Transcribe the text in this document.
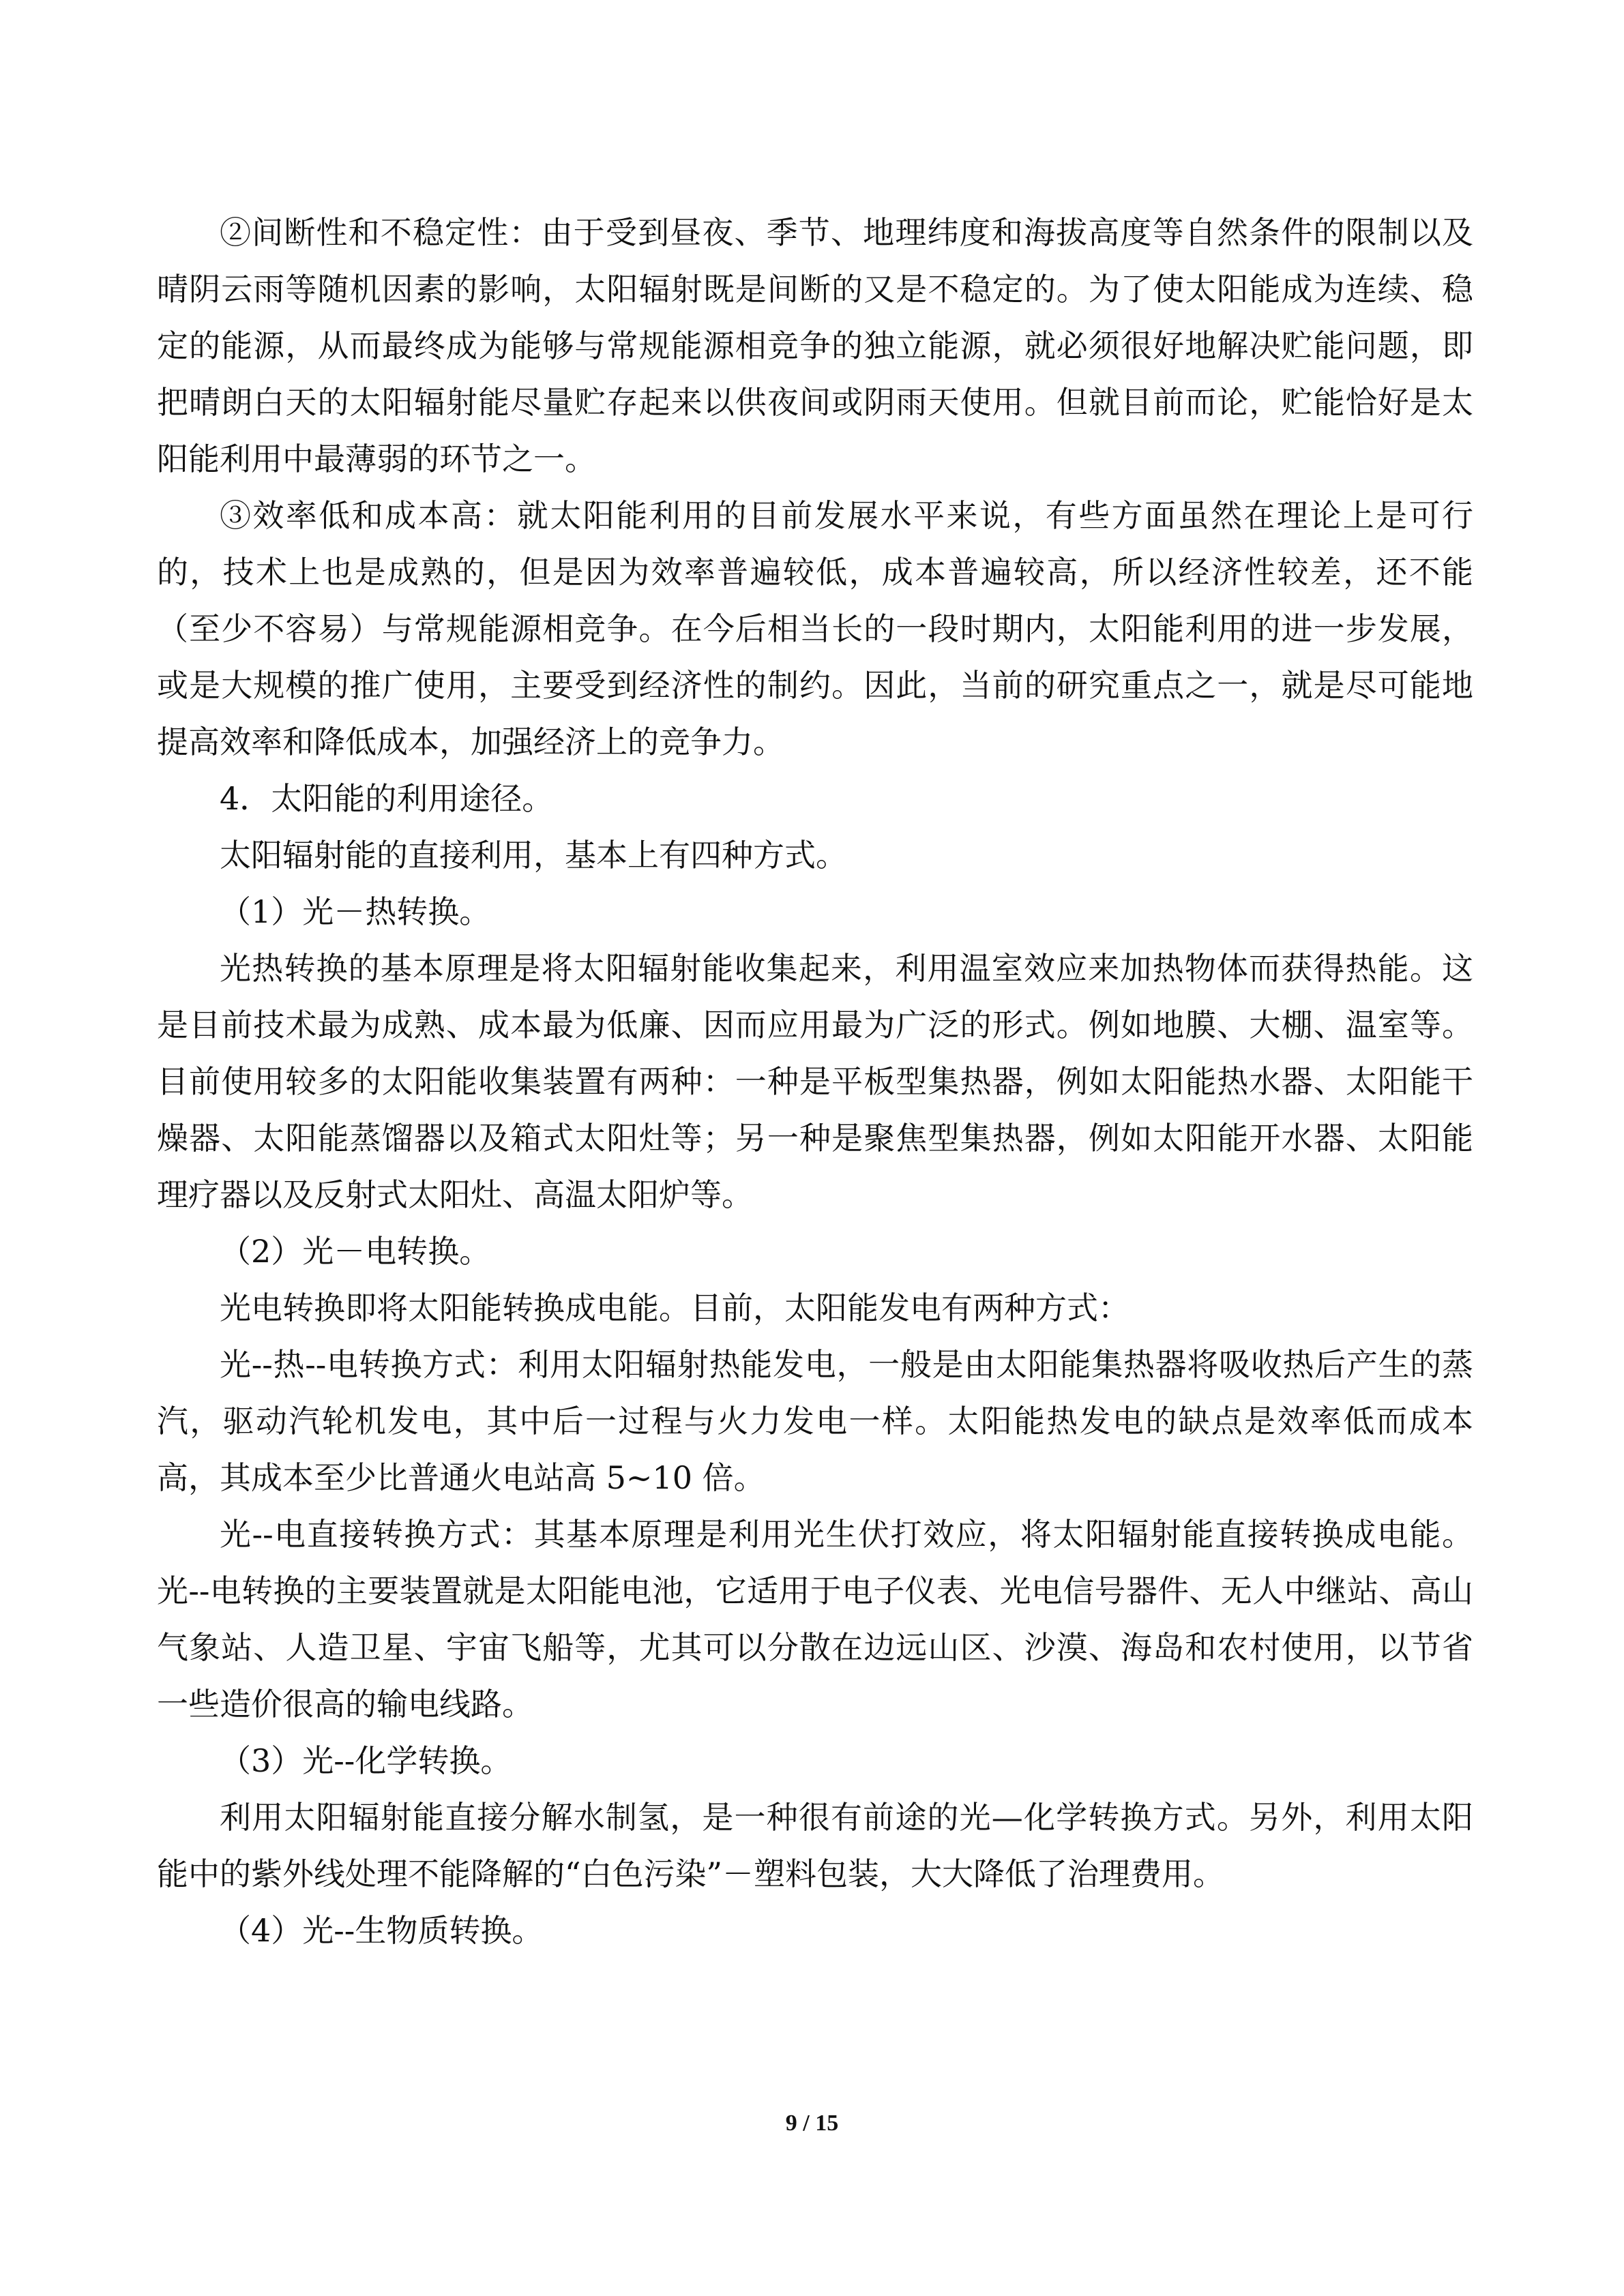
②间断性和不稳定性：由于受到昼夜、季节、地理纬度和海拔高度等自然条件的限制以及晴阴云雨等随机因素的影响，太阳辐射既是间断的又是不稳定的。为了使太阳能成为连续、稳定的能源，从而最终成为能够与常规能源相竞争的独立能源，就必须很好地解决贮能问题，即把晴朗白天的太阳辐射能尽量贮存起来以供夜间或阴雨天使用。但就目前而论，贮能恰好是太阳能利用中最薄弱的环节之一。

③效率低和成本高：就太阳能利用的目前发展水平来说，有些方面虽然在理论上是可行的，技术上也是成熟的，但是因为效率普遍较低，成本普遍较高，所以经济性较差，还不能（至少不容易）与常规能源相竞争。在今后相当长的一段时期内，太阳能利用的进一步发展，或是大规模的推广使用，主要受到经济性的制约。因此，当前的研究重点之一，就是尽可能地提高效率和降低成本，加强经济上的竞争力。

4．太阳能的利用途径。

太阳辐射能的直接利用，基本上有四种方式。

（1）光－热转换。

光热转换的基本原理是将太阳辐射能收集起来，利用温室效应来加热物体而获得热能。这是目前技术最为成熟、成本最为低廉、因而应用最为广泛的形式。例如地膜、大棚、温室等。目前使用较多的太阳能收集装置有两种：一种是平板型集热器，例如太阳能热水器、太阳能干燥器、太阳能蒸馏器以及箱式太阳灶等；另一种是聚焦型集热器，例如太阳能开水器、太阳能理疗器以及反射式太阳灶、高温太阳炉等。

（2）光－电转换。

光电转换即将太阳能转换成电能。目前，太阳能发电有两种方式：

光--热--电转换方式：利用太阳辐射热能发电，一般是由太阳能集热器将吸收热后产生的蒸汽，驱动汽轮机发电，其中后一过程与火力发电一样。太阳能热发电的缺点是效率低而成本高，其成本至少比普通火电站高 5~10 倍。

光--电直接转换方式：其基本原理是利用光生伏打效应，将太阳辐射能直接转换成电能。光--电转换的主要装置就是太阳能电池，它适用于电子仪表、光电信号器件、无人中继站、高山气象站、人造卫星、宇宙飞船等，尤其可以分散在边远山区、沙漠、海岛和农村使用，以节省一些造价很高的输电线路。

（3）光--化学转换。

利用太阳辐射能直接分解水制氢，是一种很有前途的光—化学转换方式。另外，利用太阳能中的紫外线处理不能降解的“白色污染”－塑料包装，大大降低了治理费用。

（4）光--生物质转换。

9 / 15
